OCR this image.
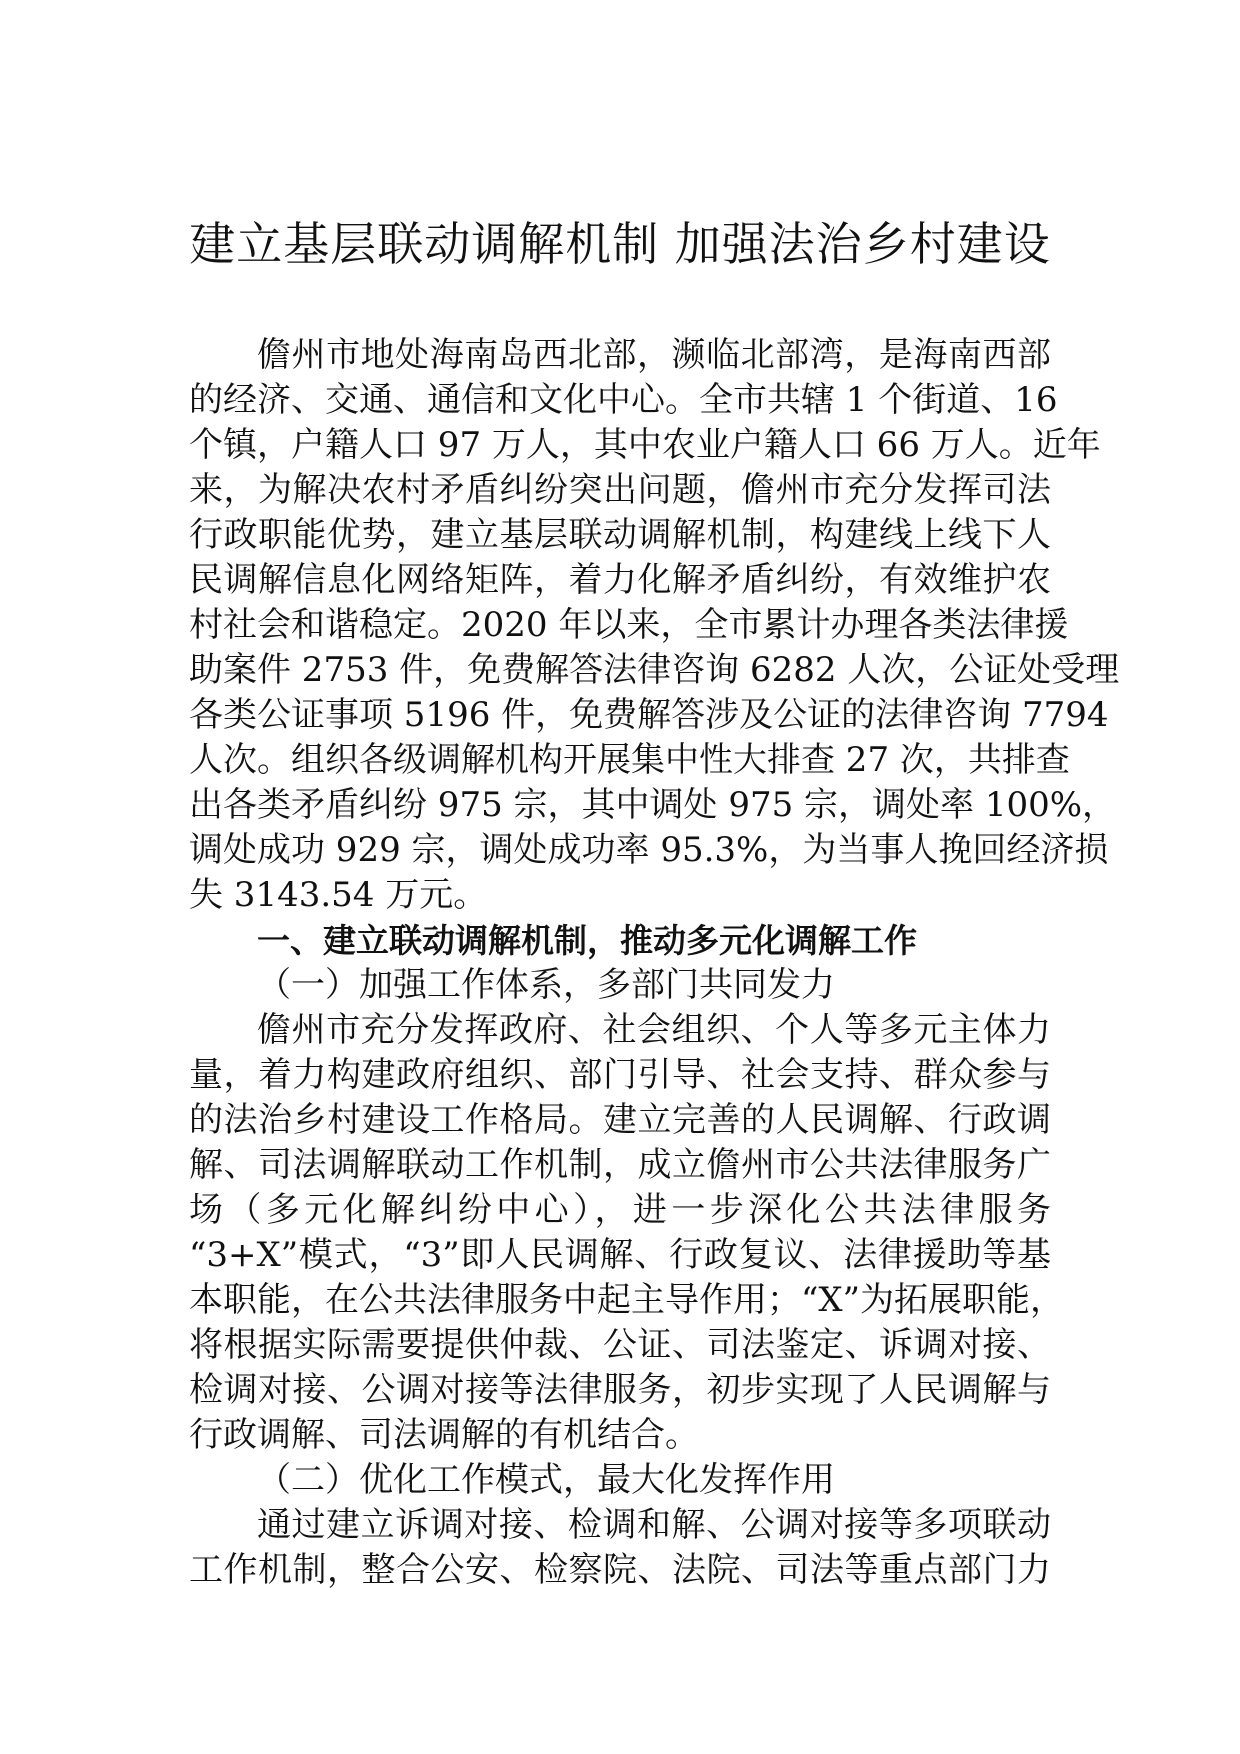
建立基层联动调解机制 加强法治乡村建设
儋州市地处海南岛西北部，濒临北部湾，是海南西部
的经济、交通、通信和文化中心。全市共辖 1 个街道、16
个镇，户籍人口 97 万人，其中农业户籍人口 66 万人。近年
来，为解决农村矛盾纠纷突出问题，儋州市充分发挥司法
行政职能优势，建立基层联动调解机制，构建线上线下人
民调解信息化网络矩阵，着力化解矛盾纠纷，有效维护农
村社会和谐稳定。2020 年以来，全市累计办理各类法律援
助案件 2753 件，免费解答法律咨询 6282 人次，公证处受理
各类公证事项 5196 件，免费解答涉及公证的法律咨询 7794
人次。组织各级调解机构开展集中性大排查 27 次，共排查
出各类矛盾纠纷 975 宗，其中调处 975 宗，调处率 100%，
调处成功 929 宗，调处成功率 95.3%，为当事人挽回经济损
失 3143.54 万元。
一、建立联动调解机制，推动多元化调解工作
（一）加强工作体系，多部门共同发力
儋州市充分发挥政府、社会组织、个人等多元主体力
量，着力构建政府组织、部门引导、社会支持、群众参与
的法治乡村建设工作格局。建立完善的人民调解、行政调
解、司法调解联动工作机制，成立儋州市公共法律服务广
场（多元化解纠纷中心），进一步深化公共法律服务
“3+X”模式，“3”即人民调解、行政复议、法律援助等基
本职能，在公共法律服务中起主导作用；“X”为拓展职能，
将根据实际需要提供仲裁、公证、司法鉴定、诉调对接、
检调对接、公调对接等法律服务，初步实现了人民调解与
行政调解、司法调解的有机结合。
（二）优化工作模式，最大化发挥作用
通过建立诉调对接、检调和解、公调对接等多项联动
工作机制，整合公安、检察院、法院、司法等重点部门力
